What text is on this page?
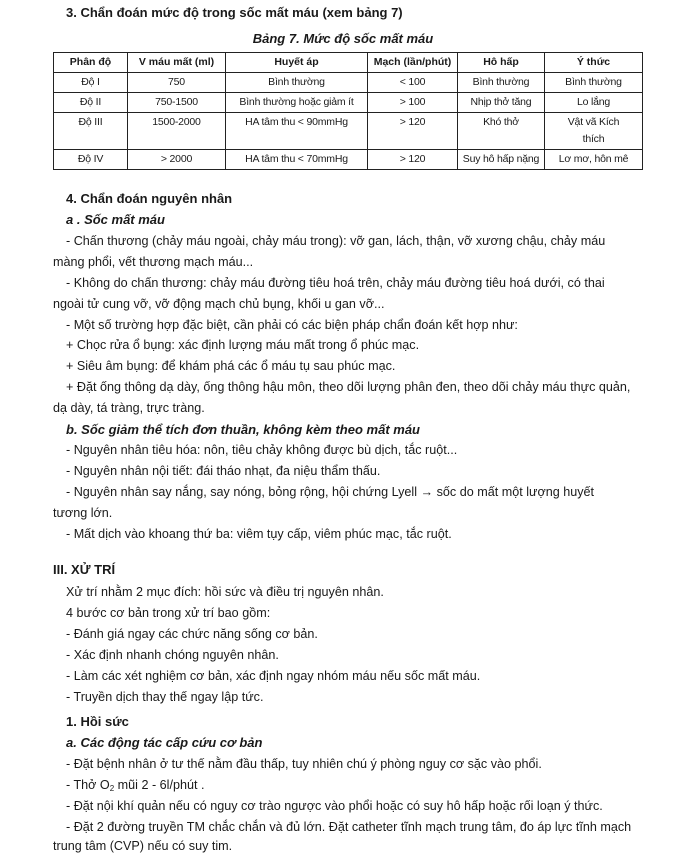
3. Chẩn đoán mức độ trong sốc mất máu (xem bảng 7)
Bảng 7. Mức độ sốc mất máu
Phân độ	V máu mất (ml)	Huyết áp	Mạch (lần/phút)	Hô hấp	Ý thức
Độ I	750	Bình thường	< 100	Bình thường	Bình thường
Độ II	750-1500	Bình thường hoặc giảm ít	> 100	Nhịp thở tăng	Lo lắng
Độ III	1500-2000	HA tâm thu < 90mmHg	> 120	Khó thở	Vật vã Kích thích
Độ IV	> 2000	HA tâm thu < 70mmHg	> 120	Suy hô hấp nặng	Lơ mơ, hôn mê
4. Chẩn đoán nguyên nhân
a . Sốc mất máu
- Chấn thương (chảy máu ngoài, chảy máu trong): vỡ gan, lách, thận, vỡ xương chậu, chảy máu
màng phổi, vết thương mạch máu...
- Không do chấn thương: chảy máu đường tiêu hoá trên, chảy máu đường tiêu hoá dưới, có thai
ngoài tử cung vỡ, vỡ động mạch chủ bụng, khối u gan vỡ...
- Một số trường hợp đặc biệt, cần phải có các biện pháp chẩn đoán kết hợp như:
+ Chọc rửa ổ bụng: xác định lượng máu mất trong ổ phúc mạc.
+ Siêu âm bụng: để khám phá các ổ máu tụ sau phúc mạc.
+ Đặt ống thông dạ dày, ống thông hậu môn, theo dõi lượng phân đen, theo dõi chảy máu thực quản,
dạ dày, tá tràng, trực tràng.
b. Sốc giảm thể tích đơn thuần, không kèm theo mất máu
- Nguyên nhân tiêu hóa: nôn, tiêu chảy không được bù dịch, tắc ruột...
- Nguyên nhân nội tiết: đái tháo nhạt, đa niệu thẩm thấu.
- Nguyên nhân say nắng, say nóng, bỏng rộng, hội chứng Lyell → sốc do mất một lượng huyết
tương lớn.
- Mất dịch vào khoang thứ ba: viêm tụy cấp, viêm phúc mạc, tắc ruột.
III. XỬ TRÍ
Xử trí nhằm 2 mục đích: hồi sức và điều trị nguyên nhân.
4 bước cơ bản trong xử trí bao gồm:
- Đánh giá ngay các chức năng sống cơ bản.
- Xác định nhanh chóng nguyên nhân.
- Làm các xét nghiệm cơ bản, xác định ngay nhóm máu nếu sốc mất máu.
- Truyền dịch thay thế ngay lập tức.
1. Hồi sức
a. Các động tác cấp cứu cơ bản
- Đặt bệnh nhân ở tư thế nằm đầu thấp, tuy nhiên chú ý phòng nguy cơ sặc vào phổi.
- Thở $O_2$ mũi 2 - 6l/phút .
- Đặt nội khí quản nếu có nguy cơ trào ngược vào phổi hoặc có suy hô hấp hoặc rối loạn ý thức.
- Đặt 2 đường truyền TM chắc chắn và đủ lớn. Đặt catheter tĩnh mạch trung tâm, đo áp lực tĩnh mạch
trung tâm (CVP) nếu có suy tim.
